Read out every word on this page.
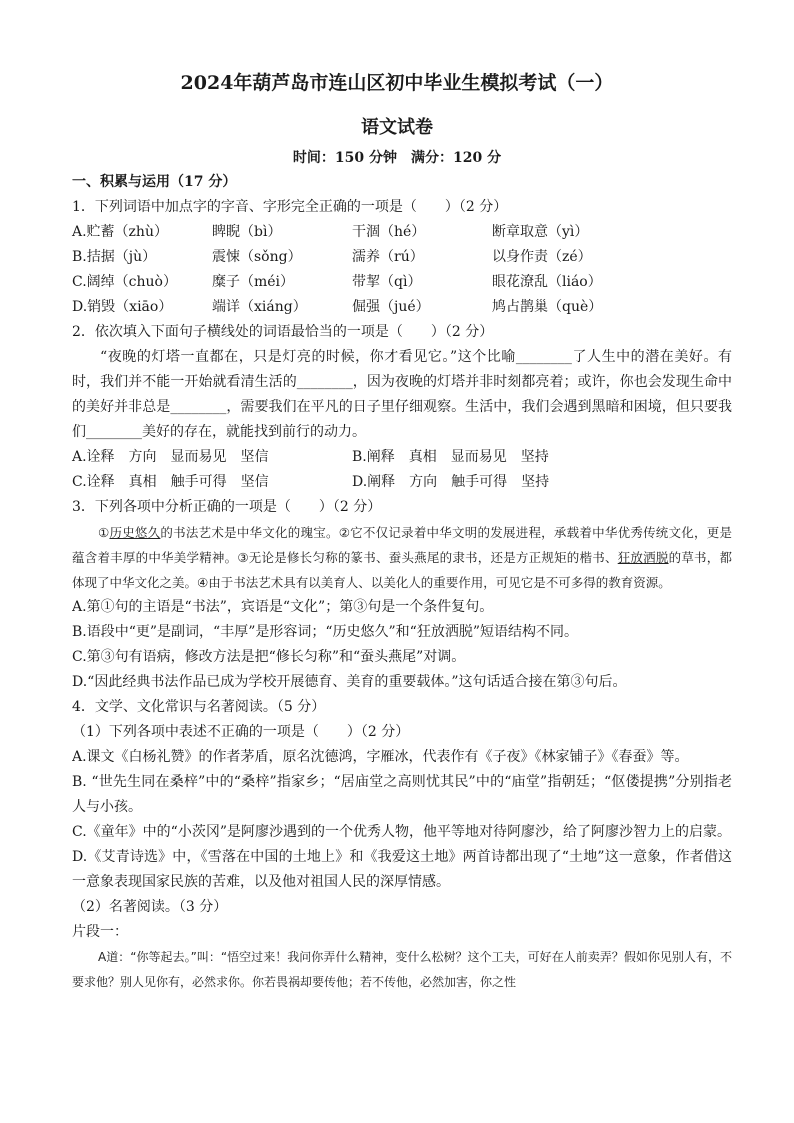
2024年葫芦岛市连山区初中毕业生模拟考试（一）
语文试卷
时间：150 分钟　满分：120 分
一、积累与运用（17 分）
1．下列词语中加点字的字音、字形完全正确的一项是（　　）（2 分）
A.贮蓄（zhù）	睥睨（bì）	干涸（hé）	断章取意（yì）
B.拮据（jù）	震悚（sǒng）	濡养（rú）	以身作责（zé）
C.阔绰（chuò）	糜子（méi）	带挈（qì）	眼花潦乱（liáo）
D.销毁（xiāo）	端详（xiáng）	倔强（jué）	鸠占鹊巢（què）
2．依次填入下面句子横线处的词语最恰当的一项是（　　）（2 分）
“夜晚的灯塔一直都在，只是灯亮的时候，你才看见它。”这个比喻________了人生中的潜在美好。有时，我们并不能一开始就看清生活的________，因为夜晚的灯塔并非时刻都亮着；或许，你也会发现生命中的美好并非总是________，需要我们在平凡的日子里仔细观察。生活中，我们会遇到黑暗和困境，但只要我们________美好的存在，就能找到前行的动力。
A.诠释　方向　显而易见　坚信	B.阐释　真相　显而易见　坚持
C.诠释　真相　触手可得　坚信	D.阐释　方向　触手可得　坚持
3．下列各项中分析正确的一项是（　　）（2 分）
①历史悠久的书法艺术是中华文化的瑰宝。②它不仅记录着中华文明的发展进程，承载着中华优秀传统文化，更是蕴含着丰厚的中华美学精神。③无论是修长匀称的篆书、蚕头燕尾的隶书，还是方正规矩的楷书、狂放洒脱的草书，都体现了中华文化之美。④由于书法艺术具有以美育人、以美化人的重要作用，可见它是不可多得的教育资源。
A.第①句的主语是“书法”，宾语是“文化”；第③句是一个条件复句。
B.语段中“更”是副词，“丰厚”是形容词；“历史悠久”和“狂放洒脱”短语结构不同。
C.第③句有语病，修改方法是把“修长匀称”和“蚕头燕尾”对调。
D.“因此经典书法作品已成为学校开展德育、美育的重要载体。”这句话适合接在第③句后。
4．文学、文化常识与名著阅读。（5 分）
（1）下列各项中表述不正确的一项是（　　）（2 分）
A.课文《白杨礼赞》的作者茅盾，原名沈德鸿，字雁冰，代表作有《子夜》《林家铺子》《春蚕》等。
B. “世先生同在桑梓”中的“桑梓”指家乡；“居庙堂之高则忧其民”中的“庙堂”指朝廷；“伛偻提携”分别指老人与小孩。
C.《童年》中的“小茨冈”是阿廖沙遇到的一个优秀人物，他平等地对待阿廖沙，给了阿廖沙智力上的启蒙。
D.《艾青诗选》中，《雪落在中国的土地上》和《我爱这土地》两首诗都出现了“土地”这一意象，作者借这一意象表现国家民族的苦难，以及他对祖国人民的深厚情感。
（2）名著阅读。（3 分）
片段一：
A道：“你等起去。”叫：“悟空过来！我问你弄什么精神，变什么松树？这个工夫，可好在人前卖弄？假如你见别人有，不要求他？别人见你有，必然求你。你若畏祸却要传他；若不传他，必然加害，你之性
